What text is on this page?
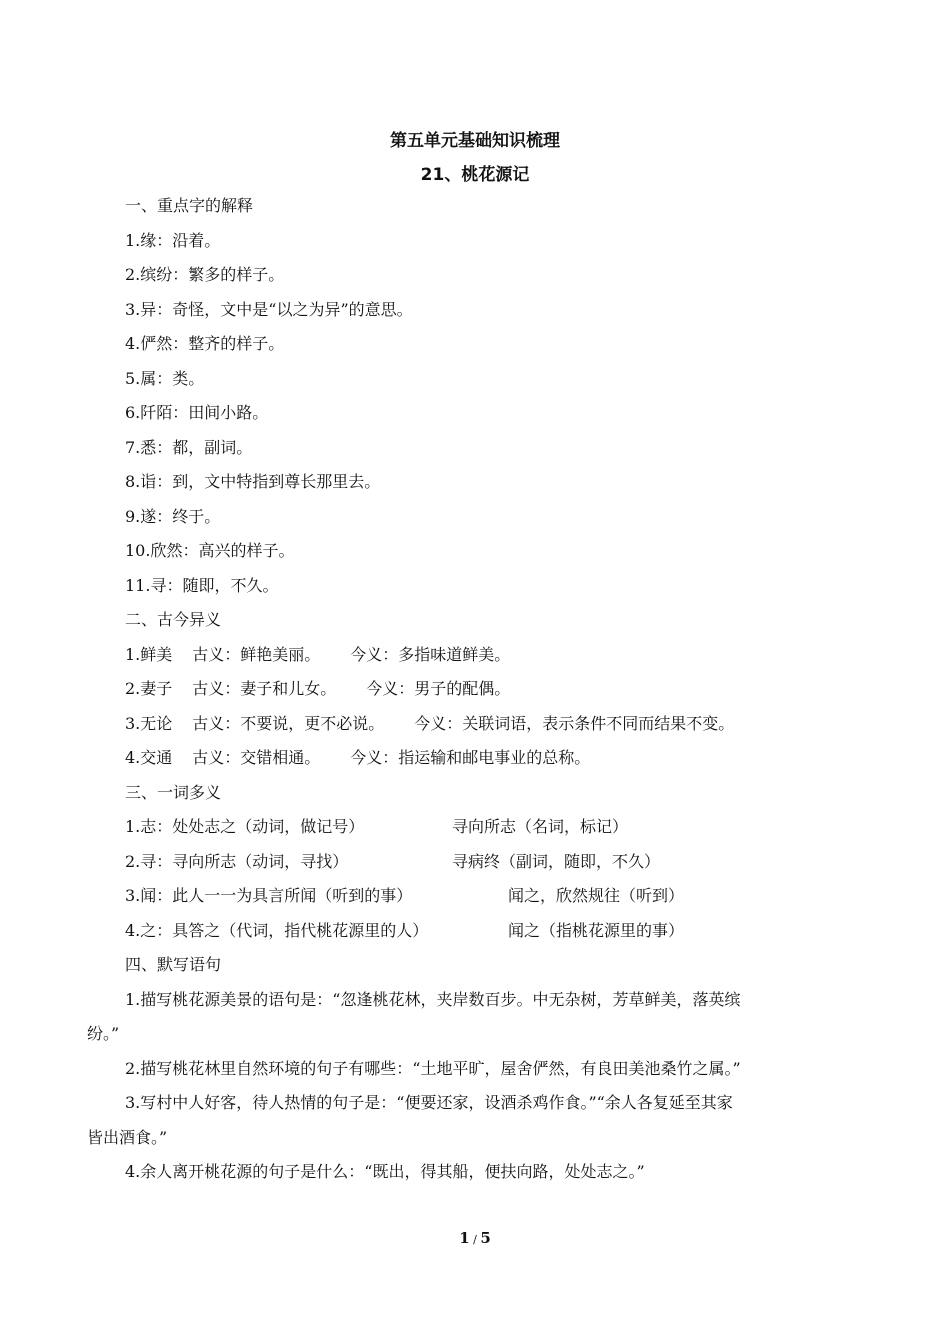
第五单元基础知识梳理
21、桃花源记
一、重点字的解释
1.缘：沿着。
2.缤纷：繁多的样子。
3.异：奇怪，文中是“以之为异”的意思。
4.俨然：整齐的样子。
5.属：类。
6.阡陌：田间小路。
7.悉：都，副词。
8.诣：到，文中特指到尊长那里去。
9.遂：终于。
10.欣然：高兴的样子。
11.寻：随即，不久。
二、古今异义
1.鲜美 古义：鲜艳美丽。 今义：多指味道鲜美。
2.妻子 古义：妻子和儿女。 今义：男子的配偶。
3.无论 古义：不要说，更不必说。 今义：关联词语，表示条件不同而结果不变。
4.交通 古义：交错相通。 今义：指运输和邮电事业的总称。
三、一词多义
1.志：处处志之（动词，做记号）	寻向所志（名词，标记）
2.寻：寻向所志（动词，寻找）	寻病终（副词，随即，不久）
3.闻：此人一一为具言所闻（听到的事）	闻之，欣然规往（听到）
4.之：具答之（代词，指代桃花源里的人）	闻之（指桃花源里的事）
四、默写语句
1.描写桃花源美景的语句是：“忽逢桃花林，夹岸数百步。中无杂树，芳草鲜美，落英缤
纷。”
2.描写桃花林里自然环境的句子有哪些：“土地平旷，屋舍俨然，有良田美池桑竹之属。”
3.写村中人好客，待人热情的句子是：“便要还家，设酒杀鸡作食。”“余人各复延至其家
皆出酒食。”
4.余人离开桃花源的句子是什么：“既出，得其船，便扶向路，处处志之。”
1 / 5
